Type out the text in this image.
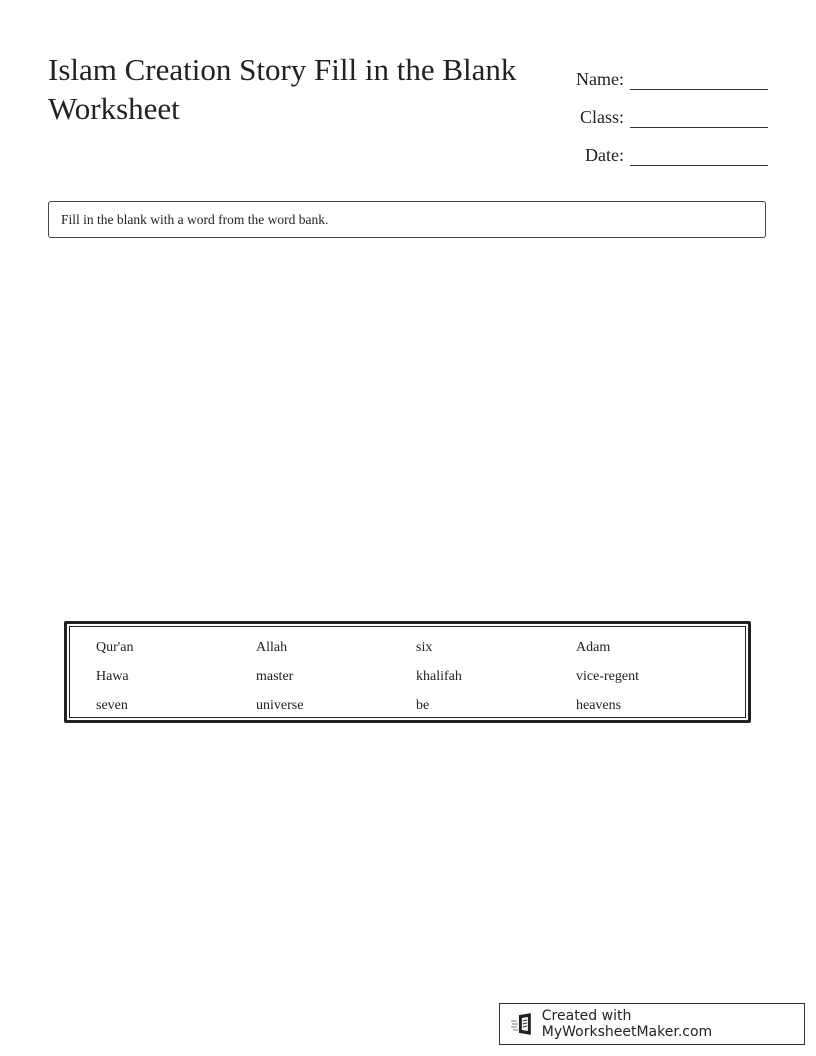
Islam Creation Story Fill in the Blank Worksheet
Name:
Class:
Date:
Fill in the blank with a word from the word bank.
Qur'an	Allah	six	Adam
Hawa	master	khalifah	vice-regent
seven	universe	be	heavens
Created with MyWorksheetMaker.com
